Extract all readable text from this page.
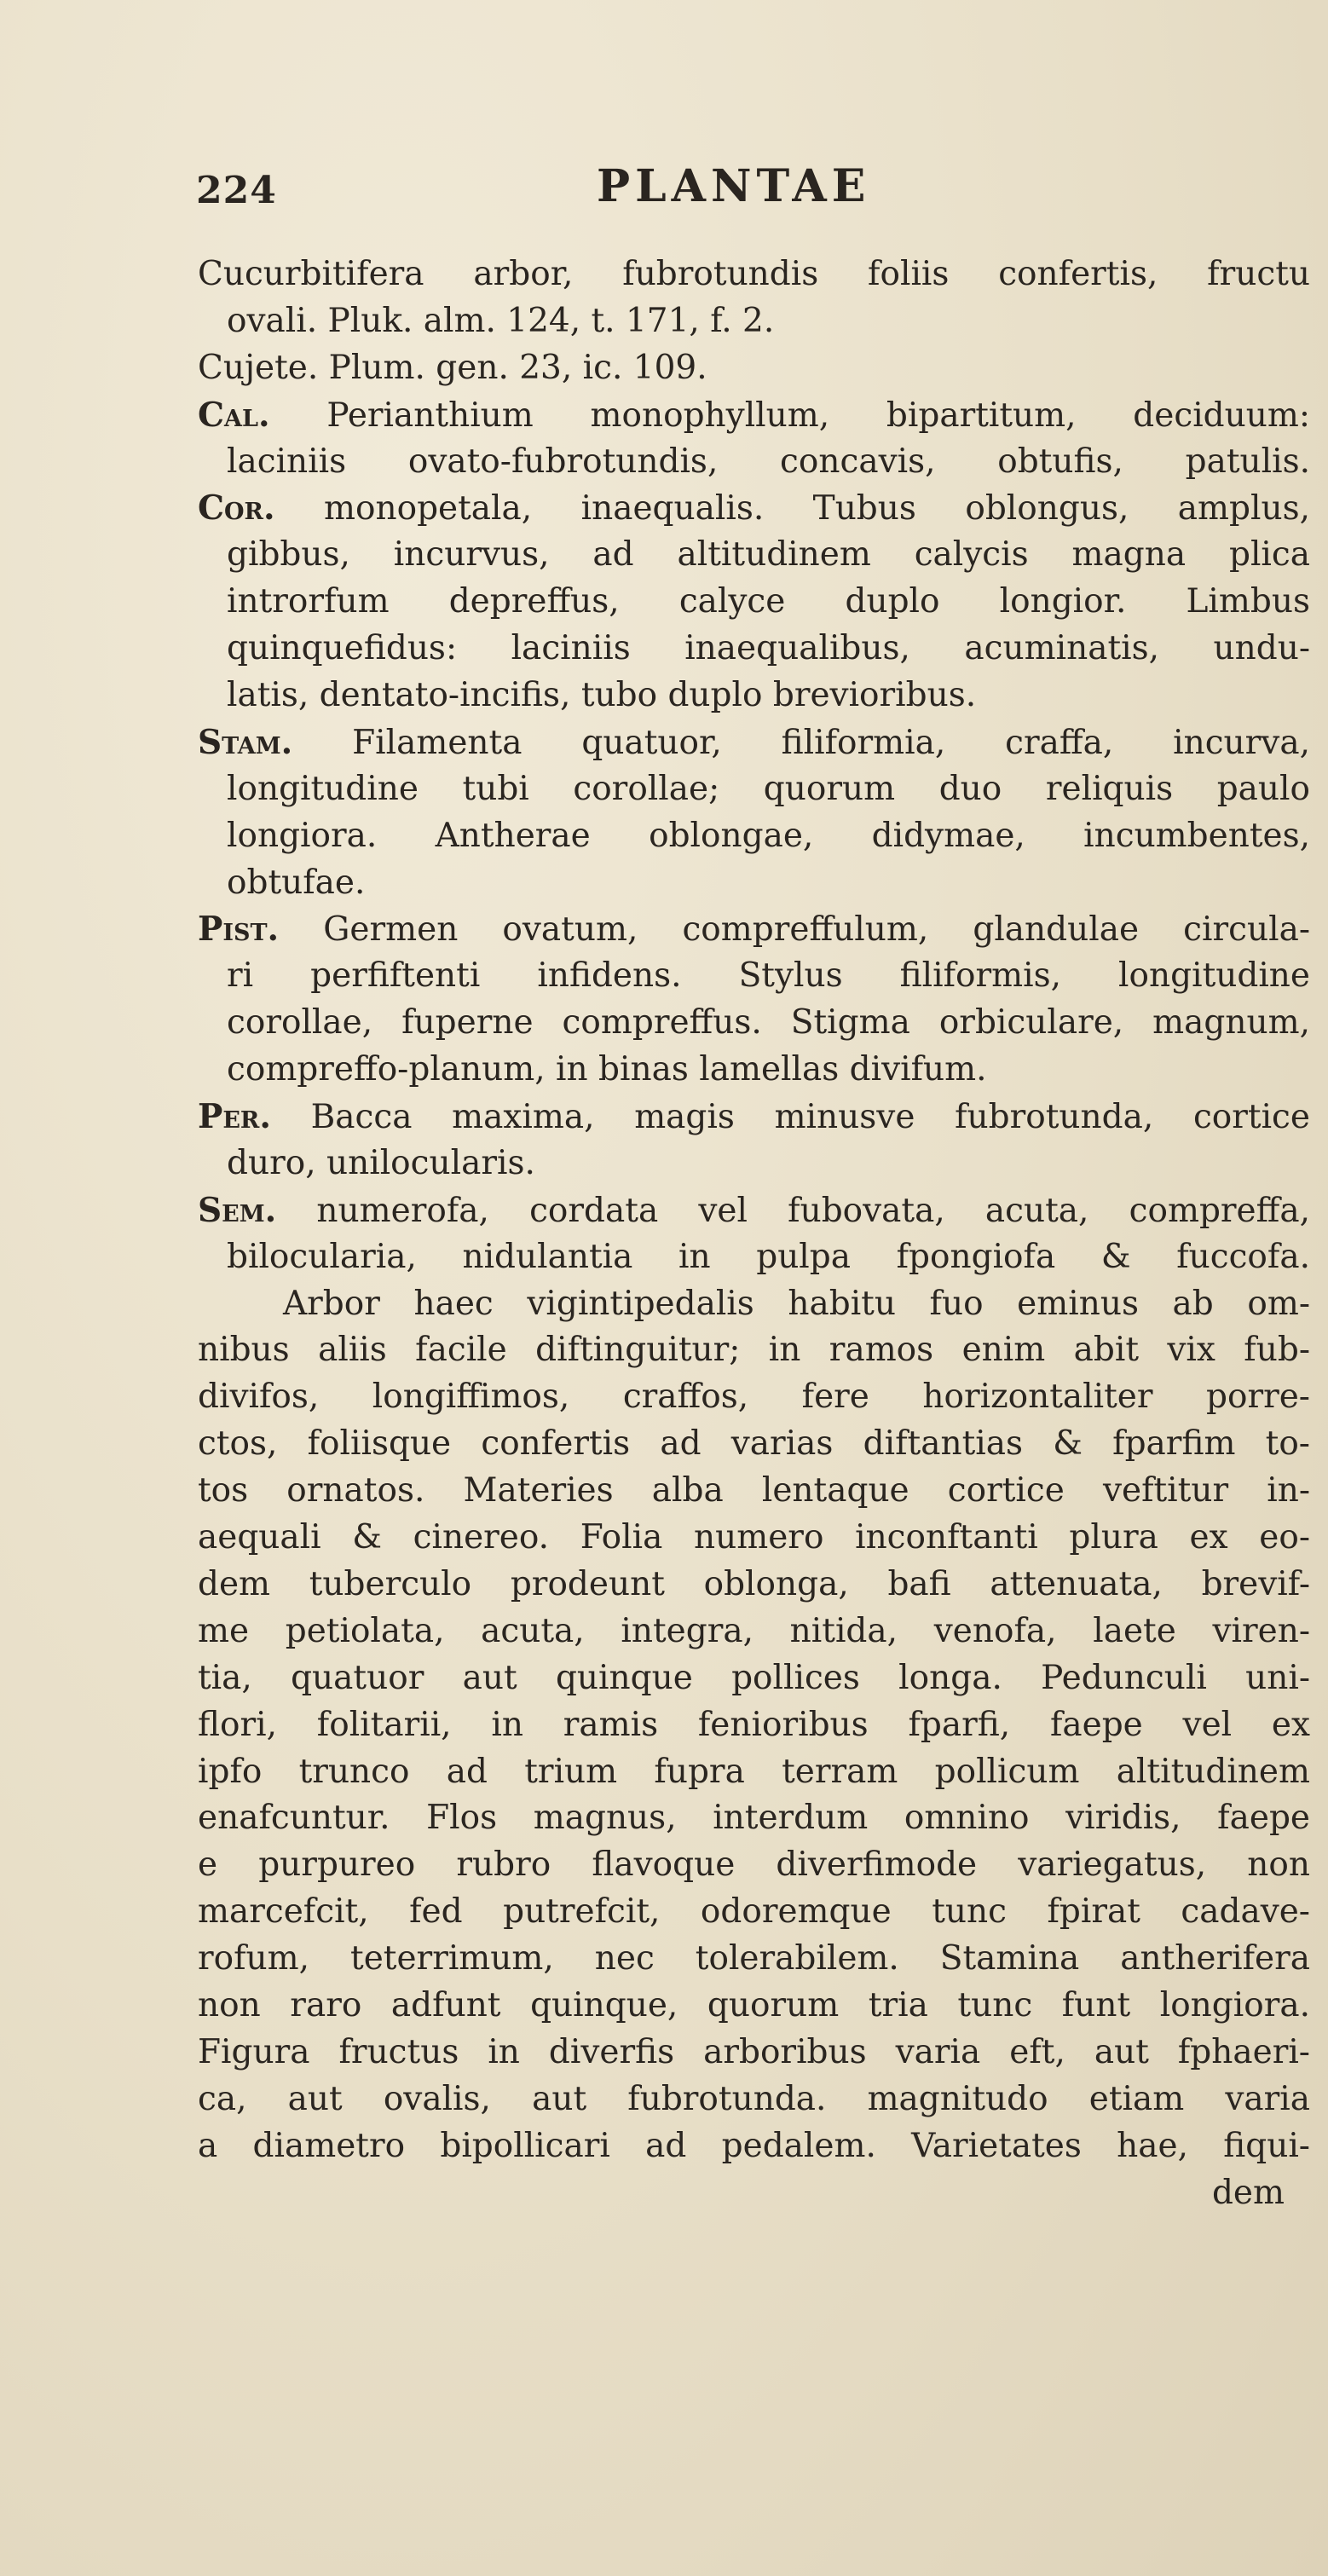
224	PLANTAE
Cucurbitifera arbor, fubrotundis foliis confertis, fructu
ovali. Pluk. alm. 124, t. 171, f. 2.
Cujete. Plum. gen. 23, ic. 109.
Cal. Perianthium monophyllum, bipartitum, deciduum:
laciniis ovato-fubrotundis, concavis, obtufis, patulis.
Cor. monopetala, inaequalis. Tubus oblongus, amplus,
gibbus, incurvus, ad altitudinem calycis magna plica
introrfum depreffus, calyce duplo longior. Limbus
quinquefidus: laciniis inaequalibus, acuminatis, undu-
latis, dentato-incifis, tubo duplo brevioribus.
Stam. Filamenta quatuor, filiformia, craffa, incurva,
longitudine tubi corollae; quorum duo reliquis paulo
longiora. Antherae oblongae, didymae, incumbentes,
obtufae.
Pist. Germen ovatum, compreffulum, glandulae circula-
ri perfiftenti infidens. Stylus filiformis, longitudine
corollae, fuperne compreffus. Stigma orbiculare, magnum,
compreffo-planum, in binas lamellas divifum.
Per. Bacca maxima, magis minusve fubrotunda, cortice
duro, unilocularis.
Sem. numerofa, cordata vel fubovata, acuta, compreffa,
bilocularia, nidulantia in pulpa fpongiofa & fuccofa.
Arbor haec vigintipedalis habitu fuo eminus ab om-
nibus aliis facile diftinguitur; in ramos enim abit vix fub-
divifos, longiffimos, craffos, fere horizontaliter porre-
ctos, foliisque confertis ad varias diftantias & fparfim to-
tos ornatos. Materies alba lentaque cortice veftitur in-
aequali & cinereo. Folia numero inconftanti plura ex eo-
dem tuberculo prodeunt oblonga, bafi attenuata, brevif-
me petiolata, acuta, integra, nitida, venofa, laete viren-
tia, quatuor aut quinque pollices longa. Pedunculi uni-
flori, folitarii, in ramis fenioribus fparfi, faepe vel ex
ipfo trunco ad trium fupra terram pollicum altitudinem
enafcuntur. Flos magnus, interdum omnino viridis, faepe
e purpureo rubro flavoque diverfimode variegatus, non
marcefcit, fed putrefcit, odoremque tunc fpirat cadave-
rofum, teterrimum, nec tolerabilem. Stamina antherifera
non raro adfunt quinque, quorum tria tunc funt longiora.
Figura fructus in diverfis arboribus varia eft, aut fphaeri-
ca, aut ovalis, aut fubrotunda. magnitudo etiam varia
a diametro bipollicari ad pedalem. Varietates hae, fiqui-
dem
